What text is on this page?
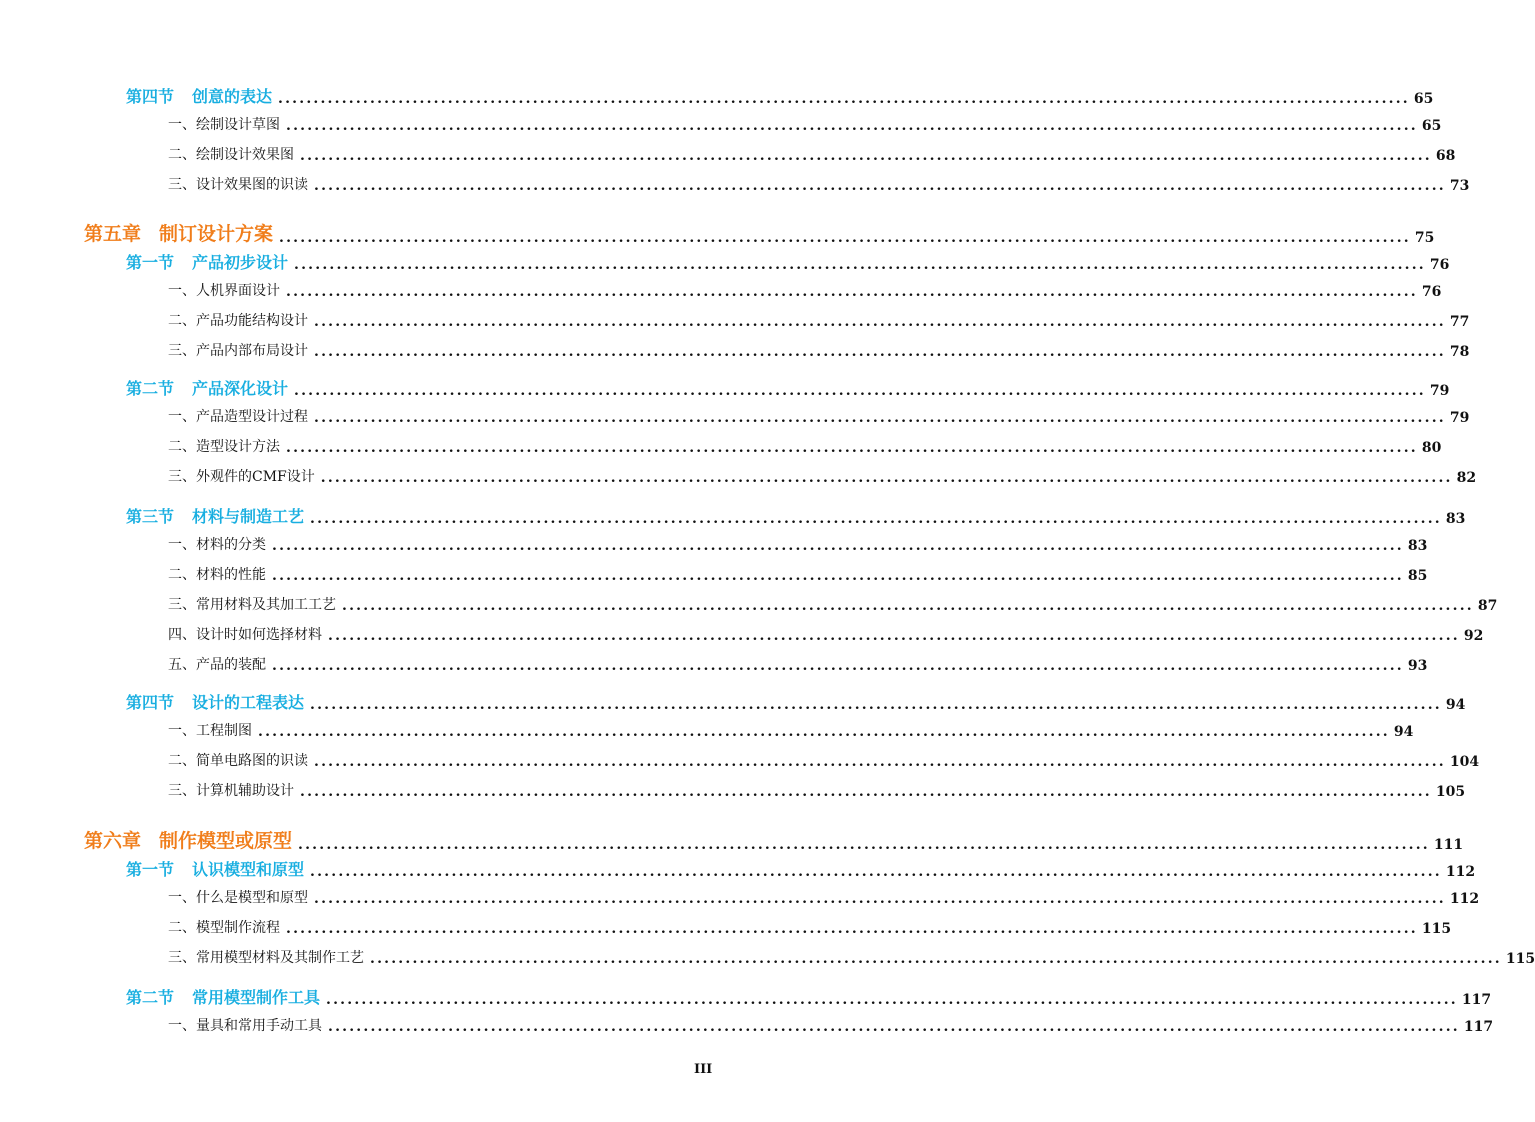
第四节 创意的表达 ................................................................................................................................................................ 65
一、绘制设计草图 ................................................................................................................................................................ 65
二、绘制设计效果图 ................................................................................................................................................................ 68
三、设计效果图的识读 ................................................................................................................................................................ 73
第五章 制订设计方案 ................................................................................................................................................................ 75
第一节 产品初步设计 ................................................................................................................................................................ 76
一、人机界面设计 ................................................................................................................................................................ 76
二、产品功能结构设计 ................................................................................................................................................................ 77
三、产品内部布局设计 ................................................................................................................................................................ 78
第二节 产品深化设计 ................................................................................................................................................................ 79
一、产品造型设计过程 ................................................................................................................................................................ 79
二、造型设计方法 ................................................................................................................................................................ 80
三、外观件的CMF设计 ................................................................................................................................................................ 82
第三节 材料与制造工艺 ................................................................................................................................................................ 83
一、材料的分类 ................................................................................................................................................................ 83
二、材料的性能 ................................................................................................................................................................ 85
三、常用材料及其加工工艺 ................................................................................................................................................................ 87
四、设计时如何选择材料 ................................................................................................................................................................ 92
五、产品的装配 ................................................................................................................................................................ 93
第四节 设计的工程表达 ................................................................................................................................................................ 94
一、工程制图 ................................................................................................................................................................ 94
二、简单电路图的识读 ................................................................................................................................................................ 104
三、计算机辅助设计 ................................................................................................................................................................ 105
第六章 制作模型或原型 ................................................................................................................................................................ 111
第一节 认识模型和原型 ................................................................................................................................................................ 112
一、什么是模型和原型 ................................................................................................................................................................ 112
二、模型制作流程 ................................................................................................................................................................ 115
三、常用模型材料及其制作工艺 ................................................................................................................................................................ 115
第二节 常用模型制作工具 ................................................................................................................................................................ 117
一、量具和常用手动工具 ................................................................................................................................................................ 117
III
